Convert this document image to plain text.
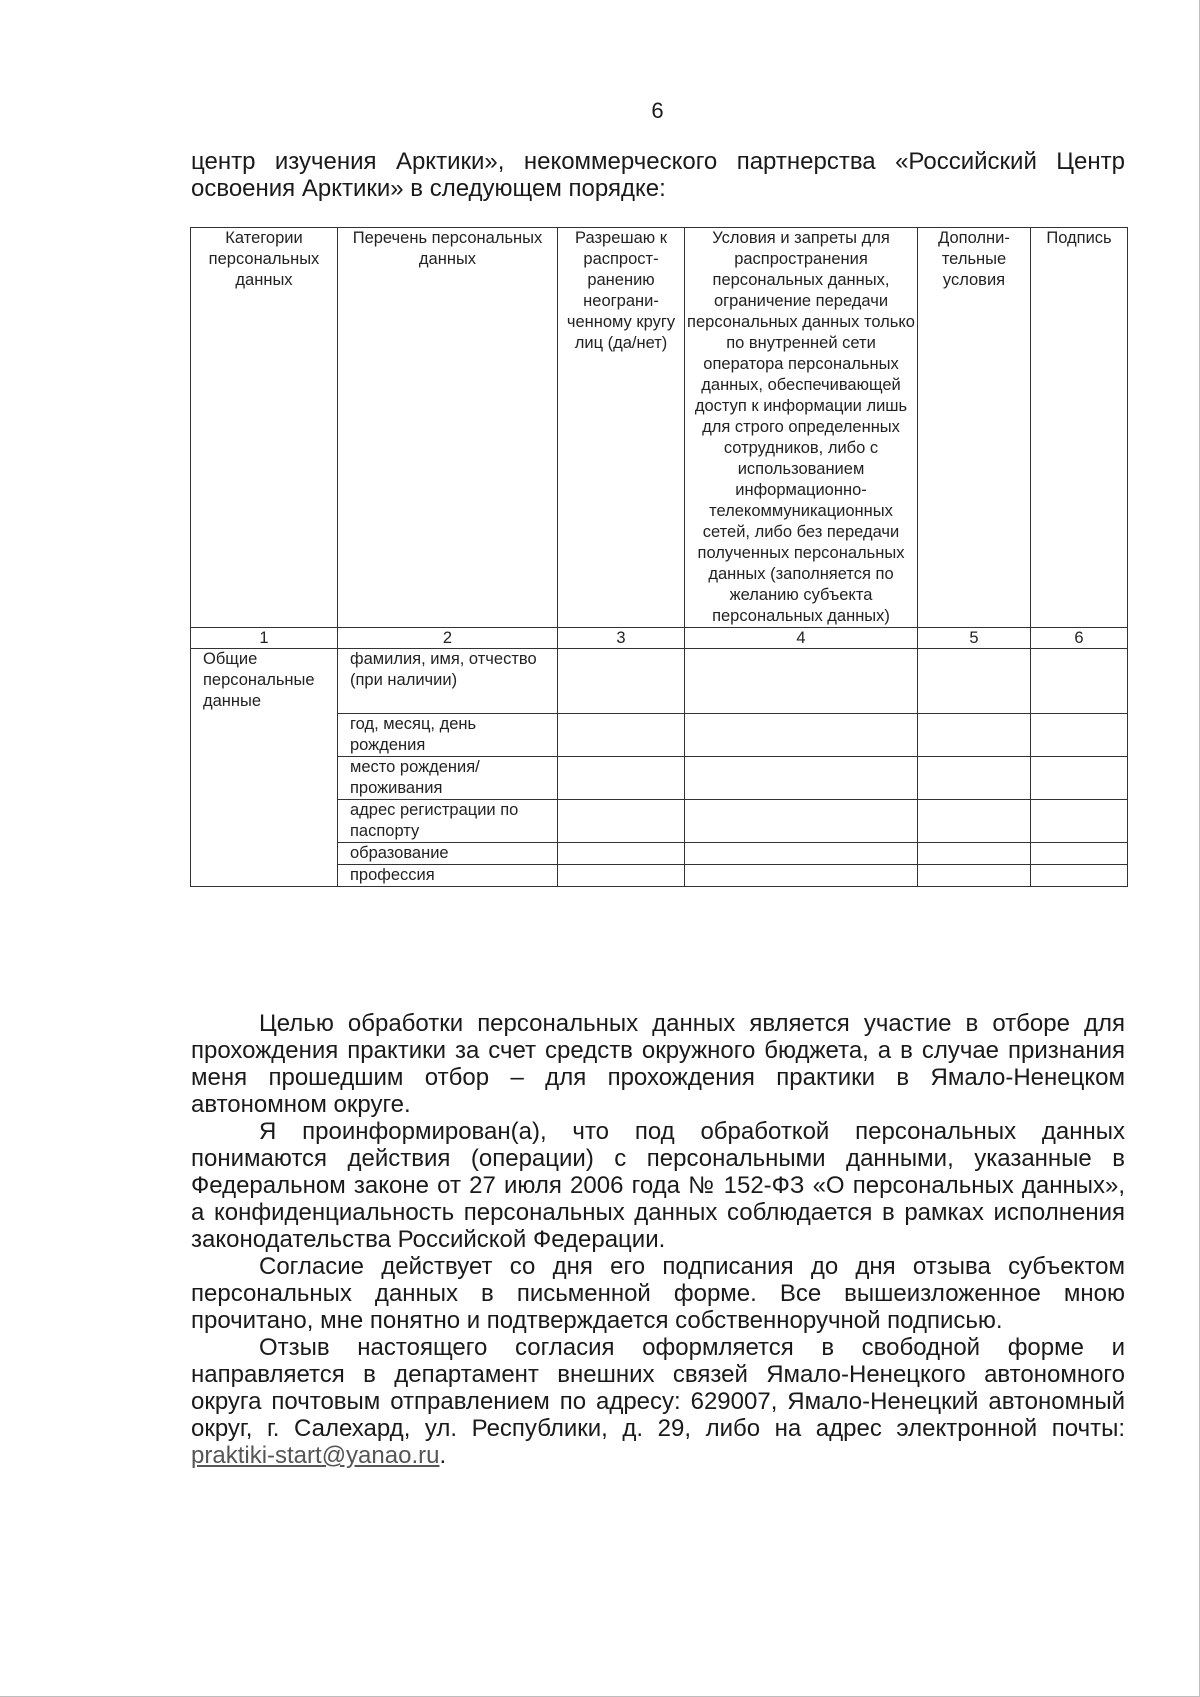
6
центр изучения Арктики», некоммерческого партнерства «Российский Центр
освоения Арктики» в следующем порядке:
Категории персональных данных	Перечень персональных данных	Разрешаю к распрост-ранению неограни-ченному кругу лиц (да/нет)	Условия и запреты для распространения персональных данных, ограничение передачи персональных данных только по внутренней сети оператора персональных данных, обеспечивающей доступ к информации лишь для строго определенных сотрудников, либо с использованием информационно-телекоммуникационных сетей, либо без передачи полученных персональных данных (заполняется по желанию субъекта персональных данных)	Дополни-тельные условия	Подпись
1	2	3	4	5	6
Общие персональные данные	фамилия, имя, отчество (при наличии)				
	год, месяц, день рождения				
	место рождения/проживания				
	адрес регистрации по паспорту				
	образование				
	профессия				

Целью обработки персональных данных является участие в отборе для прохождения практики за счет средств окружного бюджета, а в случае признания меня прошедшим отбор – для прохождения практики в Ямало-Ненецком автономном округе.

Я проинформирован(а), что под обработкой персональных данных понимаются действия (операции) с персональными данными, указанные в Федеральном законе от 27 июля 2006 года № 152-ФЗ «О персональных данных», а конфиденциальность персональных данных соблюдается в рамках исполнения законодательства Российской Федерации.

Согласие действует со дня его подписания до дня отзыва субъектом персональных данных в письменной форме. Все вышеизложенное мною прочитано, мне понятно и подтверждается собственноручной подписью.

Отзыв настоящего согласия оформляется в свободной форме и направляется в департамент внешних связей Ямало-Ненецкого автономного округа почтовым отправлением по адресу: 629007, Ямало-Ненецкий автономный округ, г. Салехард, ул. Республики, д. 29, либо на адрес электронной почты: praktiki-start@yanao.ru.
